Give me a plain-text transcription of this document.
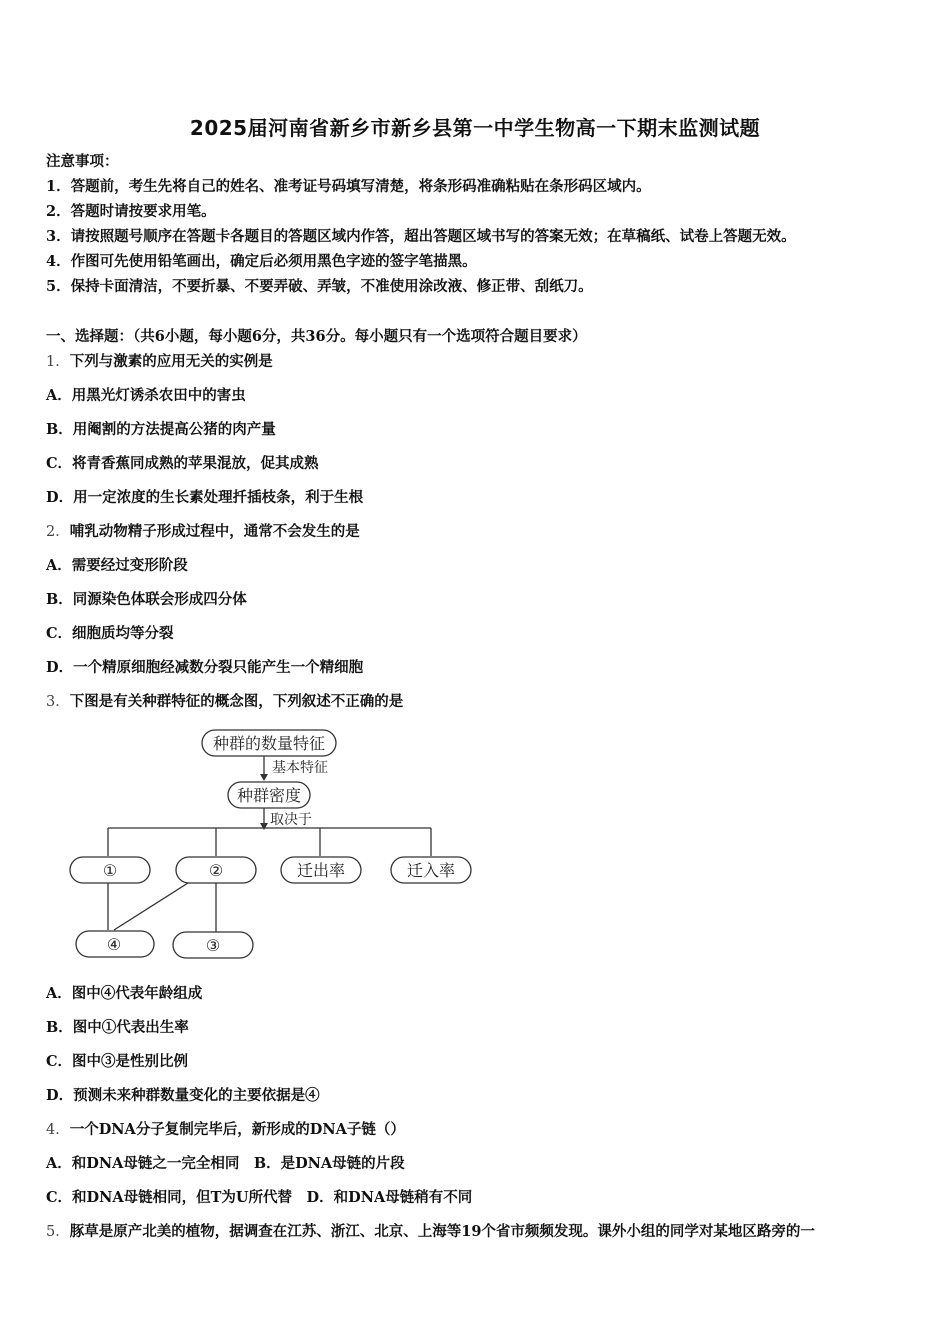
2025届河南省新乡市新乡县第一中学生物高一下期末监测试题
注意事项：
1．答题前，考生先将自己的姓名、准考证号码填写清楚，将条形码准确粘贴在条形码区域内。
2．答题时请按要求用笔。
3．请按照题号顺序在答题卡各题目的答题区域内作答，超出答题区域书写的答案无效；在草稿纸、试卷上答题无效。
4．作图可先使用铅笔画出，确定后必须用黑色字迹的签字笔描黑。
5．保持卡面清洁，不要折暴、不要弄破、弄皱，不准使用涂改液、修正带、刮纸刀。
一、选择题：（共6小题，每小题6分，共36分。每小题只有一个选项符合题目要求）
1．下列与激素的应用无关的实例是
A．用黑光灯诱杀农田中的害虫
B．用阉割的方法提高公猪的肉产量
C．将青香蕉同成熟的苹果混放，促其成熟
D．用一定浓度的生长素处理扦插枝条，利于生根
2．哺乳动物精子形成过程中，通常不会发生的是
A．需要经过变形阶段
B．同源染色体联会形成四分体
C．细胞质均等分裂
D．一个精原细胞经减数分裂只能产生一个精细胞
3．下图是有关种群特征的概念图，下列叙述不正确的是
种群的数量特征
基本特征
种群密度
取决于
①	②	迁出率	迁入率
④	③
A．图中④代表年龄组成
B．图中①代表出生率
C．图中③是性别比例
D．预测未来种群数量变化的主要依据是④
4．一个DNA分子复制完毕后，新形成的DNA子链（）
A．和DNA母链之一完全相同　B．是DNA母链的片段
C．和DNA母链相同，但T为U所代替　D．和DNA母链稍有不同
5．豚草是原产北美的植物，据调查在江苏、浙江、北京、上海等19个省市频频发现。课外小组的同学对某地区路旁的一
